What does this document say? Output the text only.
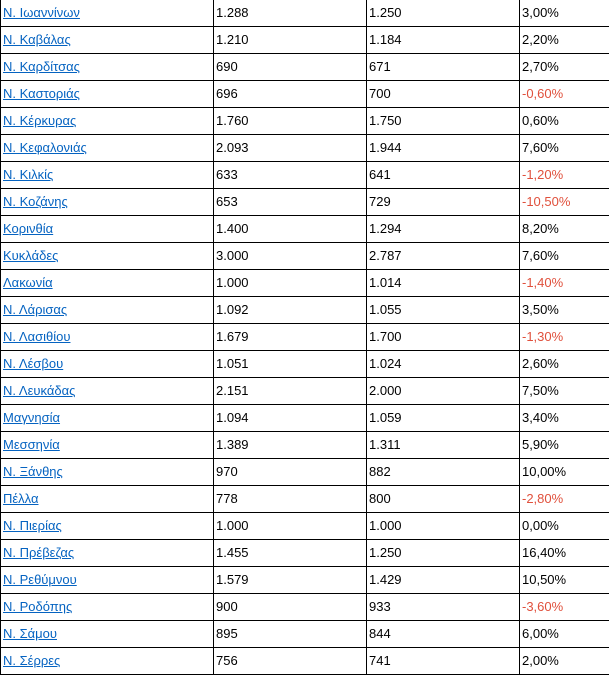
Ν. Ιωαννίνων	1.288	1.250	3,00%
Ν. Καβάλας	1.210	1.184	2,20%
Ν. Καρδίτσας	690	671	2,70%
Ν. Καστοριάς	696	700	-0,60%
Ν. Κέρκυρας	1.760	1.750	0,60%
Ν. Κεφαλονιάς	2.093	1.944	7,60%
Ν. Κιλκίς	633	641	-1,20%
Ν. Κοζάνης	653	729	-10,50%
Κορινθία	1.400	1.294	8,20%
Κυκλάδες	3.000	2.787	7,60%
Λακωνία	1.000	1.014	-1,40%
Ν. Λάρισας	1.092	1.055	3,50%
Ν. Λασιθίου	1.679	1.700	-1,30%
Ν. Λέσβου	1.051	1.024	2,60%
Ν. Λευκάδας	2.151	2.000	7,50%
Μαγνησία	1.094	1.059	3,40%
Μεσσηνία	1.389	1.311	5,90%
Ν. Ξάνθης	970	882	10,00%
Πέλλα	778	800	-2,80%
Ν. Πιερίας	1.000	1.000	0,00%
Ν. Πρέβεζας	1.455	1.250	16,40%
Ν. Ρεθύμνου	1.579	1.429	10,50%
Ν. Ροδόπης	900	933	-3,60%
Ν. Σάμου	895	844	6,00%
Ν. Σέρρες	756	741	2,00%
